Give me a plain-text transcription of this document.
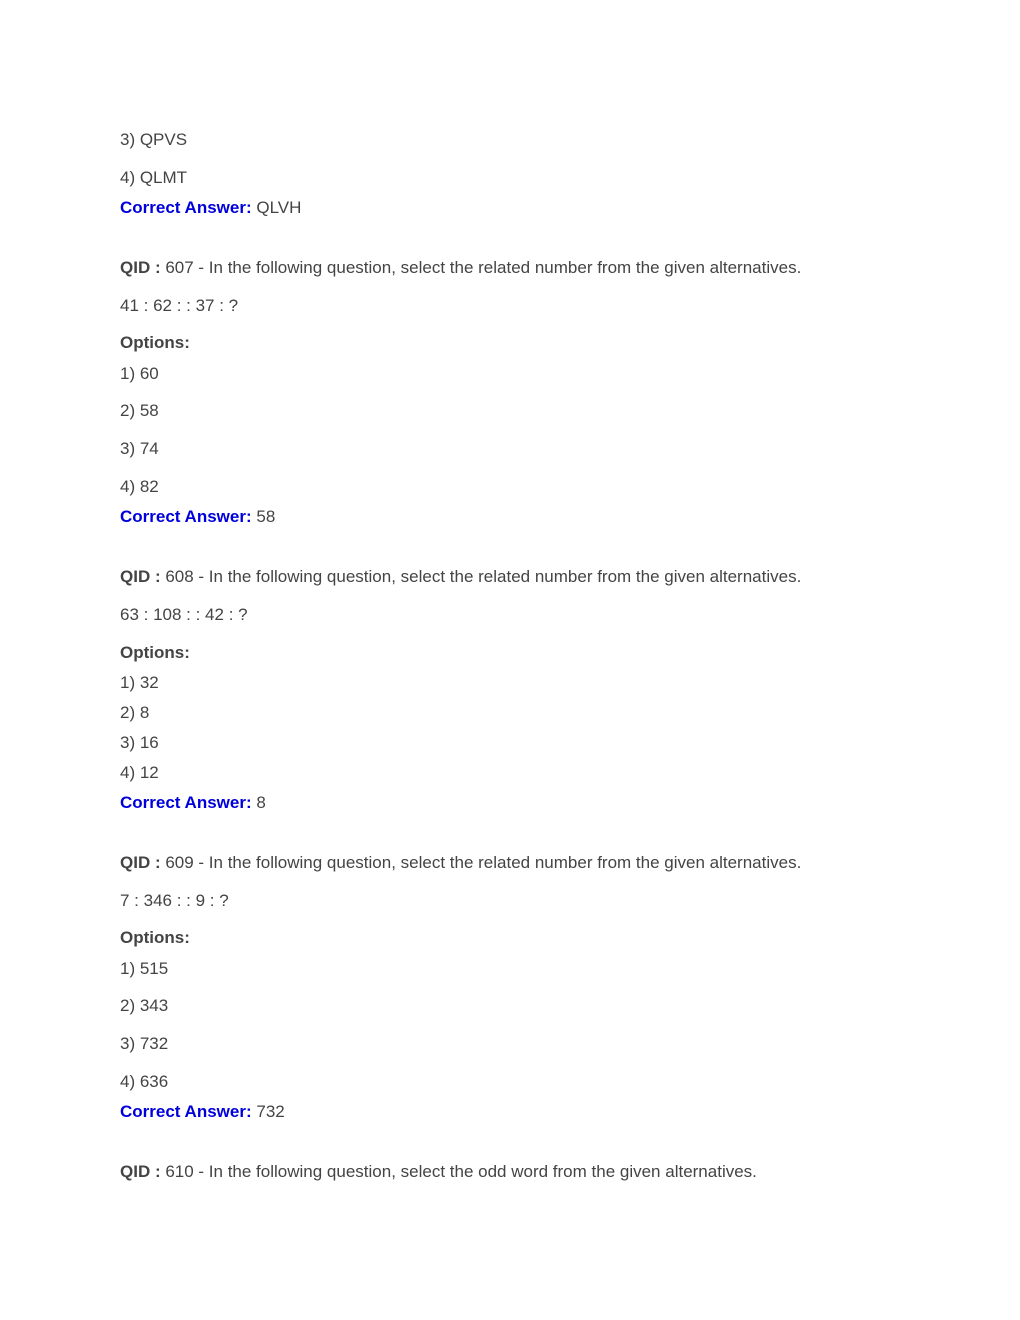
3) QPVS
4) QLMT
Correct Answer: QLVH
QID : 607 - In the following question, select the related number from the given alternatives.
41 : 62 : : 37 : ?
Options:
1) 60
2) 58
3) 74
4) 82
Correct Answer: 58
QID : 608 - In the following question, select the related number from the given alternatives.
63 : 108 : : 42 : ?
Options:
1) 32
2) 8
3) 16
4) 12
Correct Answer: 8
QID : 609 - In the following question, select the related number from the given alternatives.
7 : 346 : : 9 : ?
Options:
1) 515
2) 343
3) 732
4) 636
Correct Answer: 732
QID : 610 - In the following question, select the odd word from the given alternatives.
